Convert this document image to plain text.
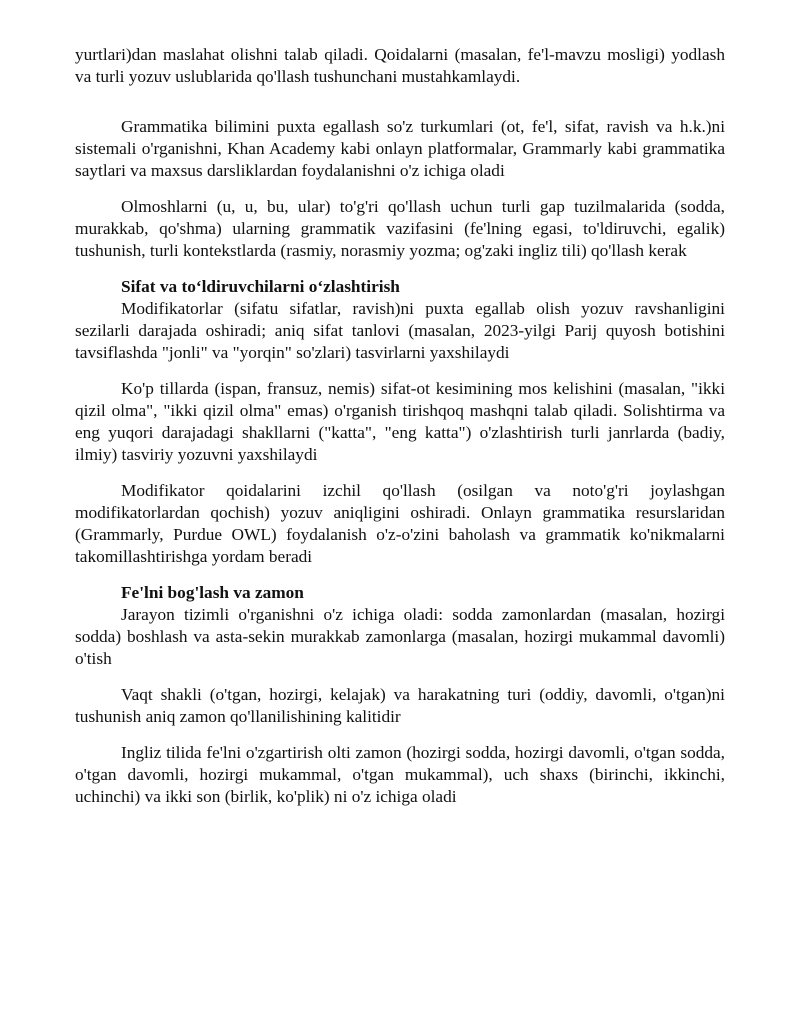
yurtlari)dan maslahat olishni talab qiladi. Qoidalarni (masalan, fe'l-mavzu mosligi) yodlash va turli yozuv uslublarida qo'llash tushunchani mustahkamlaydi.

Grammatika bilimini puxta egallash so'z turkumlari (ot, fe'l, sifat, ravish va h.k.)ni sistemali o'rganishni, Khan Academy kabi onlayn platformalar, Grammarly kabi grammatika saytlari va maxsus darsliklardan foydalanishni o'z ichiga oladi

Olmoshlarni (u, u, bu, ular) to'g'ri qo'llash uchun turli gap tuzilmalarida (sodda, murakkab, qo'shma) ularning grammatik vazifasini (fe'lning egasi, to'ldiruvchi, egalik) tushunish, turli kontekstlarda (rasmiy, norasmiy yozma; og'zaki ingliz tili) qo'llash kerak

Sifat va toʻldiruvchilarni oʻzlashtirish

Modifikatorlar (sifatu sifatlar, ravish)ni puxta egallab olish yozuv ravshanligini sezilarli darajada oshiradi; aniq sifat tanlovi (masalan, 2023-yilgi Parij quyosh botishini tavsiflashda "jonli" va "yorqin" so'zlari) tasvirlarni yaxshilaydi

Ko'p tillarda (ispan, fransuz, nemis) sifat-ot kesimining mos kelishini (masalan, "ikki qizil olma", "ikki qizil olma" emas) o'rganish tirishqoq mashqni talab qiladi. Solishtirma va eng yuqori darajadagi shakllarni ("katta", "eng katta") o'zlashtirish turli janrlarda (badiy, ilmiy) tasviriy yozuvni yaxshilaydi

Modifikator qoidalarini izchil qo'llash (osilgan va noto'g'ri joylashgan modifikatorlardan qochish) yozuv aniqligini oshiradi. Onlayn grammatika resurslaridan (Grammarly, Purdue OWL) foydalanish o'z-o'zini baholash va grammatik ko'nikmalarni takomillashtirishga yordam beradi

Fe'lni bog'lash va zamon

Jarayon tizimli o'rganishni o'z ichiga oladi: sodda zamonlardan (masalan, hozirgi sodda) boshlash va asta-sekin murakkab zamonlarga (masalan, hozirgi mukammal davomli) o'tish

Vaqt shakli (o'tgan, hozirgi, kelajak) va harakatning turi (oddiy, davomli, o'tgan)ni tushunish aniq zamon qo'llanilishining kalitidir

Ingliz tilida fe'lni o'zgartirish olti zamon (hozirgi sodda, hozirgi davomli, o'tgan sodda, o'tgan davomli, hozirgi mukammal, o'tgan mukammal), uch shaxs (birinchi, ikkinchi, uchinchi) va ikki son (birlik, ko'plik) ni o'z ichiga oladi
